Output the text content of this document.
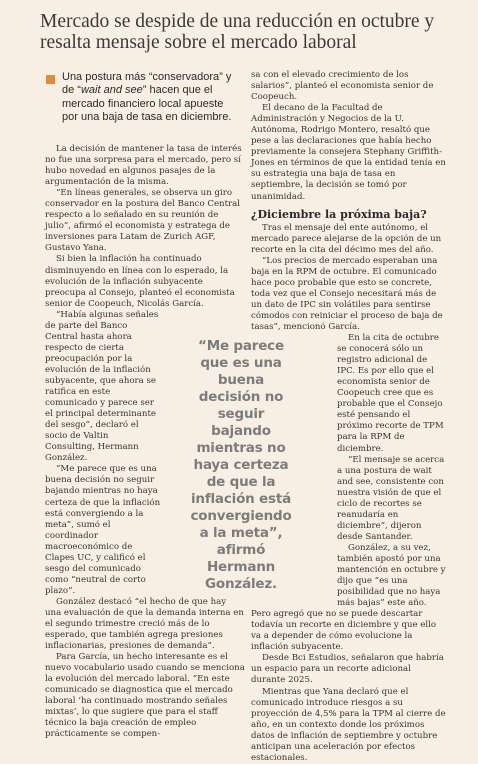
Mercado se despide de una reducción en octubre y resalta mensaje sobre el mercado laboral
Una postura más “conservadora” y de “wait and see” hacen que el mercado financiero local apueste por una baja de tasa en diciembre.

La decisión de mantener la tasa de interés no fue una sorpresa para el mercado, pero sí hubo novedad en algunos pasajes de la argumentación de la misma.

“En líneas generales, se observa un giro conservador en la postura del Banco Central respecto a lo señalado en su reunión de julio”, afirmó el economista y estratega de inversiones para Latam de Zurich AGF, Gustavo Yana.

Si bien la inflación ha continuado disminuyendo en línea con lo esperado, la evolución de la inflación subyacente preocupa al Consejo, planteó el economista senior de Coopeuch, Nicolás García.

“Había algunas señales de parte del Banco Central hasta ahora respecto de cierta preocupación por la evolución de la inflación subyacente, que ahora se ratifica en este comunicado y parece ser el principal determinante del sesgo”, declaró el socio de Valtin Consulting, Hermann González.

“Me parece que es una buena decisión no seguir bajando mientras no haya certeza de que la inflación está convergiendo a la meta”, sumó el coordinador macroeconómico de Clapes UC, y calificó el sesgo del comunicado como “neutral de corto plazo”.

González destacó “el hecho de que hay una evaluación de que la demanda interna en el segundo trimestre creció más de lo esperado, que también agrega presiones inflacionarias, presiones de demanda”.

Para García, un hecho interesante es el nuevo vocabulario usado cuando se menciona la evolución del mercado laboral. “En este comunicado se diagnostica que el mercado laboral ‘ha continuado mostrando señales mixtas’, lo que sugiere que para el staff técnico la baja creación de empleo prácticamente se compen-

sa con el elevado crecimiento de los salarios”, planteó el economista senior de Coopeuch.

El decano de la Facultad de Administración y Negocios de la U. Autónoma, Rodrigo Montero, resaltó que pese a las declaraciones que había hecho previamente la consejera Stephany Griffith-Jones en términos de que la entidad tenía en su estrategia una baja de tasa en septiembre, la decisión se tomó por unanimidad.

¿Diciembre la próxima baja?

Tras el mensaje del ente autónomo, el mercado parece alejarse de la opción de un recorte en la cita del décimo mes del año.

“Los precios de mercado esperaban una baja en la RPM de octubre. El comunicado hace poco probable que esto se concrete, toda vez que el Consejo necesitará más de un dato de IPC sin volátiles para sentirse cómodos con reiniciar el proceso de baja de tasas”, mencionó García.

En la cita de octubre se conocerá sólo un registro adicional de IPC. Es por ello que el economista senior de Coopeuch cree que es probable que el Consejo esté pensando el próximo recorte de TPM para la RPM de diciembre.

“El mensaje se acerca a una postura de wait and see, consistente con nuestra visión de que el ciclo de recortes se reanudaría en diciembre”, dijeron desde Santander.

González, a su vez, también apostó por una mantención en octubre y dijo que “es una posibilidad que no haya más bajas” este año. Pero agregó que no se puede descartar todavía un recorte en diciembre y que ello va a depender de cómo evolucione la inflación subyacente.

Desde Bci Estudios, señalaron que habría un espacio para un recorte adicional durante 2025.

Mientras que Yana declaró que el comunicado introduce riesgos a su proyección de 4,5% para la TPM al cierre de año, en un contexto donde los próximos datos de inflación de septiembre y octubre anticipan una aceleración por efectos estacionales.

“Me parece que es una buena decisión no seguir bajando mientras no haya certeza de que la inflación está convergiendo a la meta”, afirmó Hermann González.
